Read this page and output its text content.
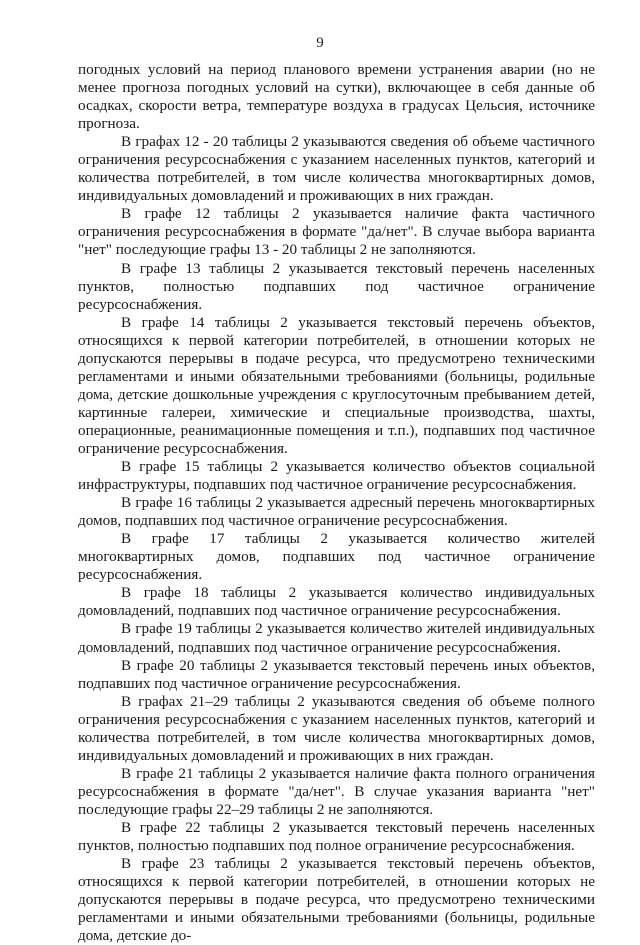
9

погодных условий на период планового времени устранения аварии (но не менее прогноза погодных условий на сутки), включающее в себя данные об осадках, скорости ветра, температуре воздуха в градусах Цельсия, источнике прогноза.

В графах 12 - 20 таблицы 2 указываются сведения об объеме частичного ограничения ресурсоснабжения с указанием населенных пунктов, категорий и количества потребителей, в том числе количества многоквартирных домов, индивидуальных домовладений и проживающих в них граждан.

В графе 12 таблицы 2 указывается наличие факта частичного ограничения ресурсоснабжения в формате "да/нет". В случае выбора варианта "нет" последующие графы 13 - 20 таблицы 2 не заполняются.

В графе 13 таблицы 2 указывается текстовый перечень населенных пунктов, полностью подпавших под частичное ограничение ресурсоснабжения.

В графе 14 таблицы 2 указывается текстовый перечень объектов, относящихся к первой категории потребителей, в отношении которых не допускаются перерывы в подаче ресурса, что предусмотрено техническими регламентами и иными обязательными требованиями (больницы, родильные дома, детские дошкольные учреждения с круглосуточным пребыванием детей, картинные галереи, химические и специальные производства, шахты, операционные, реанимационные помещения и т.п.), подпавших под частичное ограничение ресурсоснабжения.

В графе 15 таблицы 2 указывается количество объектов социальной инфраструктуры, подпавших под частичное ограничение ресурсоснабжения.

В графе 16 таблицы 2 указывается адресный перечень многоквартирных домов, подпавших под частичное ограничение ресурсоснабжения.

В графе 17 таблицы 2 указывается количество жителей многоквартирных домов, подпавших под частичное ограничение ресурсоснабжения.

В графе 18 таблицы 2 указывается количество индивидуальных домовладений, подпавших под частичное ограничение ресурсоснабжения.

В графе 19 таблицы 2 указывается количество жителей индивидуальных домовладений, подпавших под частичное ограничение ресурсоснабжения.

В графе 20 таблицы 2 указывается текстовый перечень иных объектов, подпавших под частичное ограничение ресурсоснабжения.

В графах 21–29 таблицы 2 указываются сведения об объеме полного ограничения ресурсоснабжения с указанием населенных пунктов, категорий и количества потребителей, в том числе количества многоквартирных домов, индивидуальных домовладений и проживающих в них граждан.

В графе 21 таблицы 2 указывается наличие факта полного ограничения ресурсоснабжения в формате "да/нет". В случае указания варианта "нет" последующие графы 22–29 таблицы 2 не заполняются.

В графе 22 таблицы 2 указывается текстовый перечень населенных пунктов, полностью подпавших под полное ограничение ресурсоснабжения.

В графе 23 таблицы 2 указывается текстовый перечень объектов, относящихся к первой категории потребителей, в отношении которых не допускаются перерывы в подаче ресурса, что предусмотрено техническими регламентами и иными обязательными требованиями (больницы, родильные дома, детские до-
